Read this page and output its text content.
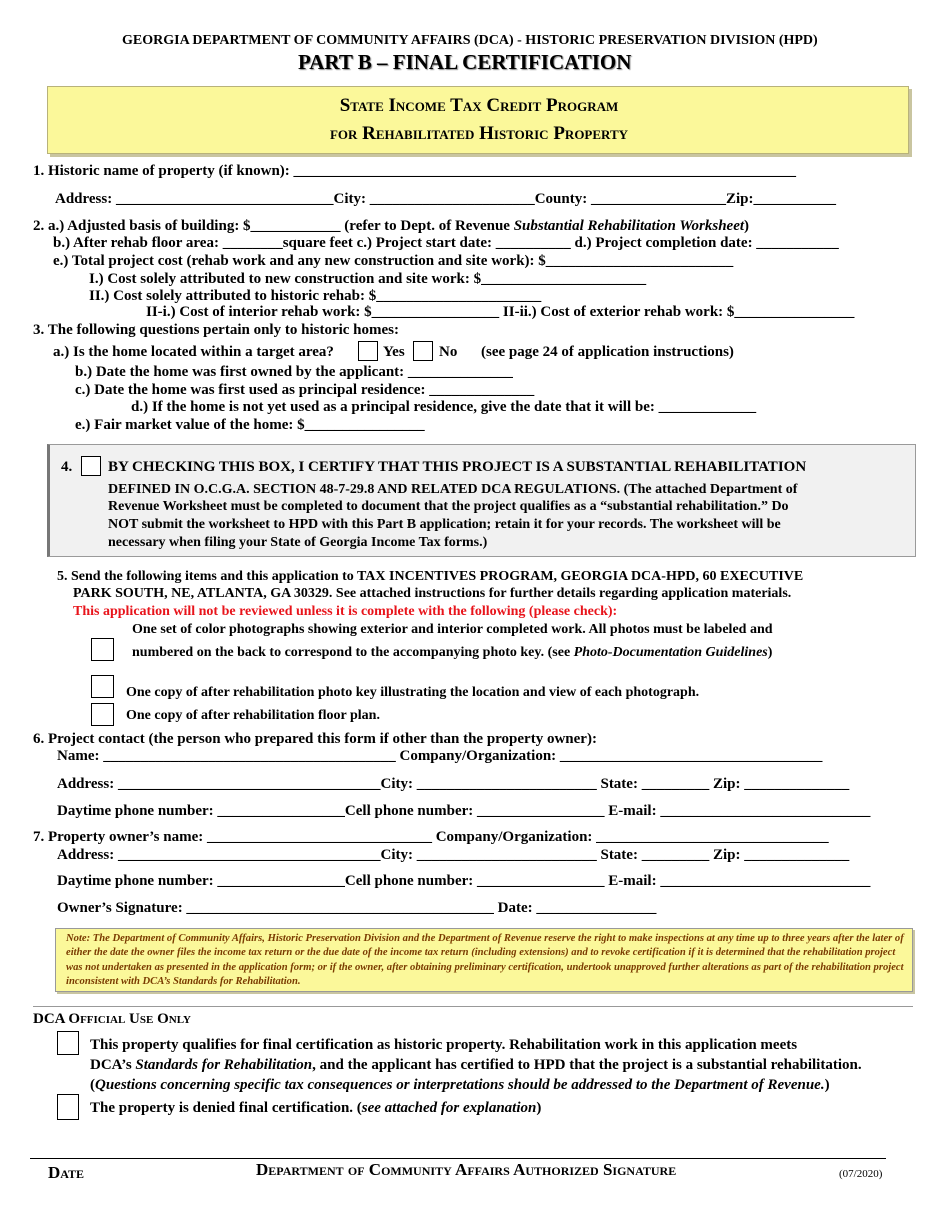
GEORGIA DEPARTMENT OF COMMUNITY AFFAIRS (DCA) - HISTORIC PRESERVATION DIVISION (HPD)
PART B – FINAL CERTIFICATION
State Income Tax Credit Program
for Rehabilitated Historic Property
1. Historic name of property (if known): ___________________________________________________________________
Address: _____________________________City: ______________________County: __________________Zip:___________
2. a.) Adjusted basis of building: $____________ (refer to Dept. of Revenue Substantial Rehabilitation Worksheet)
b.) After rehab floor area: ________square feet c.) Project start date: __________ d.) Project completion date: ___________
e.) Total project cost (rehab work and any new construction and site work): $_________________________
I.) Cost solely attributed to new construction and site work: $______________________
II.) Cost solely attributed to historic rehab: $______________________
II-i.) Cost of interior rehab work: $_________________ II-ii.) Cost of exterior rehab work: $________________
3. The following questions pertain only to historic homes:
a.) Is the home located within a target area?	Yes No (see page 24 of application instructions)
b.) Date the home was first owned by the applicant: ______________
c.) Date the home was first used as principal residence: ______________
d.) If the home is not yet used as a principal residence, give the date that it will be: _____________
e.) Fair market value of the home: $________________
4. BY CHECKING THIS BOX, I CERTIFY THAT THIS PROJECT IS A SUBSTANTIAL REHABILITATION
DEFINED IN O.C.G.A. SECTION 48-7-29.8 AND RELATED DCA REGULATIONS. (The attached Department of
Revenue Worksheet must be completed to document that the project qualifies as a “substantial rehabilitation.” Do
NOT submit the worksheet to HPD with this Part B application; retain it for your records. The worksheet will be
necessary when filing your State of Georgia Income Tax forms.)
5. Send the following items and this application to TAX INCENTIVES PROGRAM, GEORGIA DCA-HPD, 60 EXECUTIVE
PARK SOUTH, NE, ATLANTA, GA 30329. See attached instructions for further details regarding application materials.
This application will not be reviewed unless it is complete with the following (please check):
One set of color photographs showing exterior and interior completed work. All photos must be labeled and
numbered on the back to correspond to the accompanying photo key. (see Photo-Documentation Guidelines)
One copy of after rehabilitation photo key illustrating the location and view of each photograph.
One copy of after rehabilitation floor plan.
6. Project contact (the person who prepared this form if other than the property owner):
Name: _______________________________________ Company/Organization: ___________________________________
Address: ___________________________________City: ________________________ State: _________ Zip: ______________
Daytime phone number: _________________Cell phone number: _________________ E-mail: ____________________________
7. Property owner’s name: ______________________________ Company/Organization: _______________________________
Address: ___________________________________City: ________________________ State: _________ Zip: ______________
Daytime phone number: _________________Cell phone number: _________________ E-mail: ____________________________
Owner’s Signature: _________________________________________ Date: ________________
Note: The Department of Community Affairs, Historic Preservation Division and the Department of Revenue reserve the right to make inspections at any time up to three years after the later of either the date the owner files the income tax return or the due date of the income tax return (including extensions) and to revoke certification if it is determined that the rehabilitation project was not undertaken as presented in the application form; or if the owner, after obtaining preliminary certification, undertook unapproved further alterations as part of the rehabilitation project inconsistent with DCA’s Standards for Rehabilitation.
DCA Official Use Only
This property qualifies for final certification as historic property. Rehabilitation work in this application meets
DCA’s Standards for Rehabilitation, and the applicant has certified to HPD that the project is a substantial rehabilitation.
(Questions concerning specific tax consequences or interpretations should be addressed to the Department of Revenue.)
The property is denied final certification. (see attached for explanation)
Date	Department of Community Affairs Authorized Signature	(07/2020)
